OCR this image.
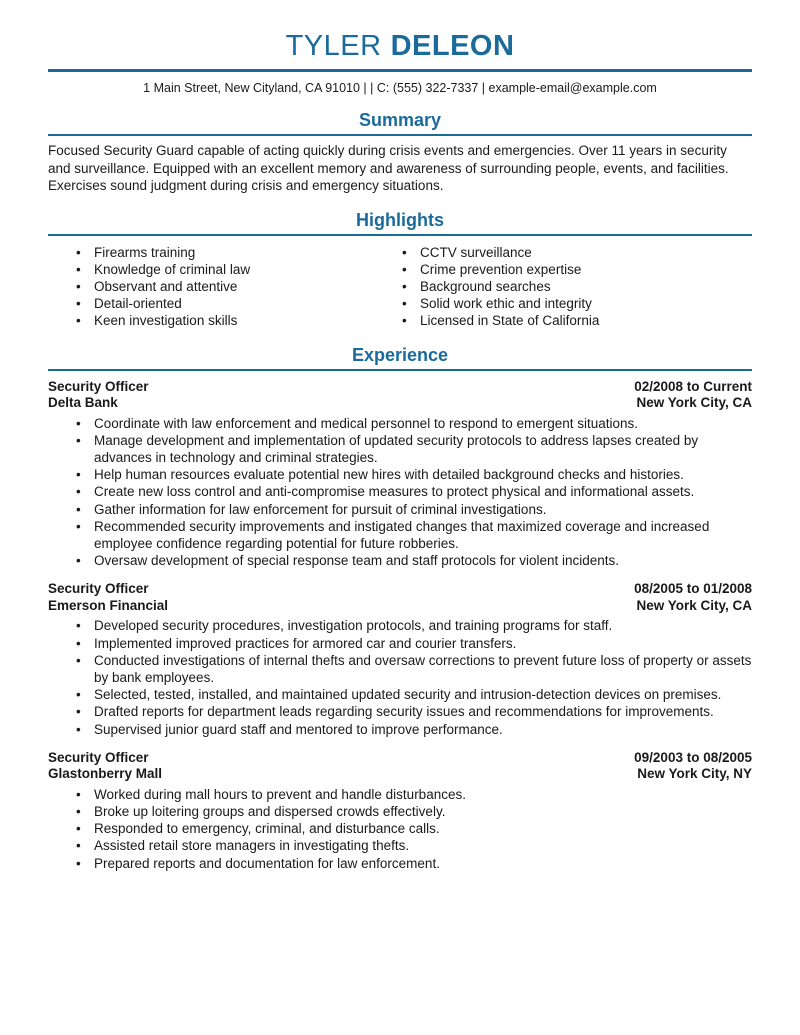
TYLER DELEON
1 Main Street, New Cityland, CA 91010 | | C: (555) 322-7337 | example-email@example.com
Summary
Focused Security Guard capable of acting quickly during crisis events and emergencies. Over 11 years in security and surveillance. Equipped with an excellent memory and awareness of surrounding people, events, and facilities. Exercises sound judgment during crisis and emergency situations.
Highlights
• Firearms training
• Knowledge of criminal law
• Observant and attentive
• Detail-oriented
• Keen investigation skills
• CCTV surveillance
• Crime prevention expertise
• Background searches
• Solid work ethic and integrity
• Licensed in State of California
Experience
Security Officer	02/2008 to Current
Delta Bank	New York City, CA
• Coordinate with law enforcement and medical personnel to respond to emergent situations.
• Manage development and implementation of updated security protocols to address lapses created by advances in technology and criminal strategies.
• Help human resources evaluate potential new hires with detailed background checks and histories.
• Create new loss control and anti-compromise measures to protect physical and informational assets.
• Gather information for law enforcement for pursuit of criminal investigations.
• Recommended security improvements and instigated changes that maximized coverage and increased employee confidence regarding potential for future robberies.
• Oversaw development of special response team and staff protocols for violent incidents.
Security Officer	08/2005 to 01/2008
Emerson Financial	New York City, CA
• Developed security procedures, investigation protocols, and training programs for staff.
• Implemented improved practices for armored car and courier transfers.
• Conducted investigations of internal thefts and oversaw corrections to prevent future loss of property or assets by bank employees.
• Selected, tested, installed, and maintained updated security and intrusion-detection devices on premises.
• Drafted reports for department leads regarding security issues and recommendations for improvements.
• Supervised junior guard staff and mentored to improve performance.
Security Officer	09/2003 to 08/2005
Glastonberry Mall	New York City, NY
• Worked during mall hours to prevent and handle disturbances.
• Broke up loitering groups and dispersed crowds effectively.
• Responded to emergency, criminal, and disturbance calls.
• Assisted retail store managers in investigating thefts.
• Prepared reports and documentation for law enforcement.
